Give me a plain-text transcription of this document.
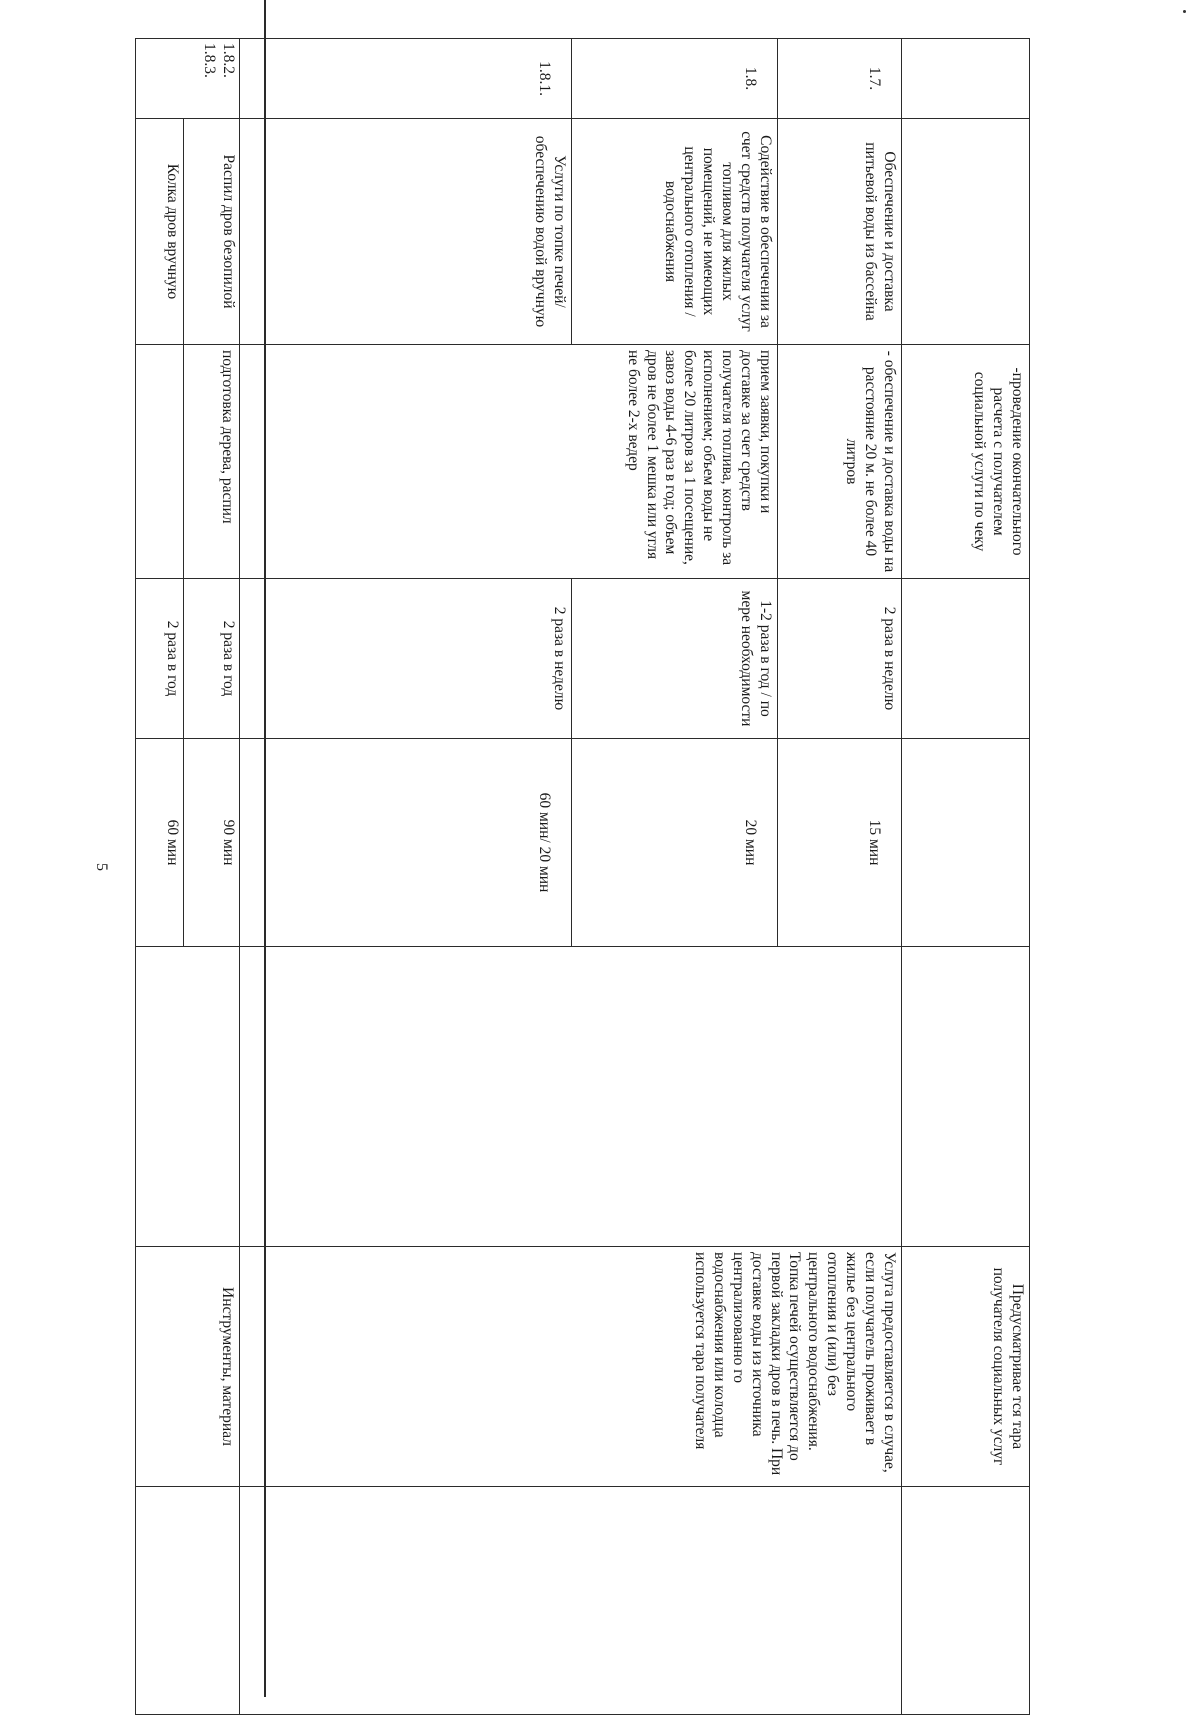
5
		-проведение окончательного расчета с получателем социальной услуги по чеку				Предусматривае тся тара получателя социальных услуг	
1.7.	Обеспечение и доставка питьевой воды из бассейна	- обеспечение и доставка воды на расстояние 20 м. не более 40 литров	2 раза в неделю	15 мин		Услуга предоставляется в случае, если получатель проживает в жилье без центрального отопления и (или) без центрального водоснабжения. Топка печей осуществляется до первой закладки дров в печь. При доставке воды из источника централизованно го водоснабжения или колодца используется тара получателя	
1.8.	Содействие в обеспечении за счет средств получателя услуг топливом для жилых помещений, не имеющих центрального отопления / водоснабжения	прием заявки, покупки и доставке за счет средств получателя топлива, контроль за исполнением; объем воды не более 20 литров за 1 посещение, завоз воды 4-6 раз в год; объем дров не более 1 мешка или угля не более 2-х ведер	1-2 раза в год / по мере необходимости	20 мин			
1.8.1.	Услуги по топке печей/ обеспечению водой вручную		2 раза в неделю	60 мин/ 20 мин			

1.8.2.
1.8.3.	Распил дров безопилой	подготовка дерева, распил	2 раза в год	90 мин		Инструменты, материал	
	Колка дров вручную		2 раза в год	60 мин			
